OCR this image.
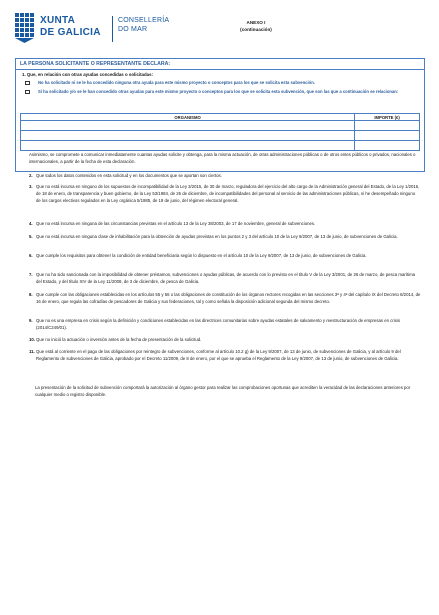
XUNTA
DE GALICIA
CONSELLERÍA
DO MAR
ANEXO I
(continuación)
LA PERSONA SOLICITANTE O REPRESENTANTE DECLARA:
1. Que, en relación con otras ayudas concedidas o solicitadas:
No ha solicitado ni se le ha concedido ninguna otra ayuda para este mismo proyecto o conceptos para los que se solicita esta subvención.
Sí ha solicitado y/o se le han concedido otras ayudas para este mismo proyecto o conceptos para los que se solicita esta subvención, que son las que a continuación se relacionan:
ORGANISMO	IMPORTE (€)

Asimismo, se compromete a comunicar inmediatamente cuantas ayudas solicite y obtenga, para la misma actuación, de otras administraciones públicas o de otros entes públicos o privados, nacionales o internacionales, a partir de la fecha de esta declaración.
2. Que todos los datos contenidos en esta solicitud y en los documentos que se aportan son ciertos.
3. Que no está incursa en ninguno de los supuestos de incompatibilidad de la Ley 3/2015, de 30 de marzo, reguladora del ejercicio del alto cargo de la Administración general del Estado, de la Ley 1/2016, de 18 de enero, de transparencia y buen gobierno, de la Ley 53/1984, de 26 de diciembre, de incompatibilidades del personal al servicio de las administraciones públicas, ni he desempeñado ninguno de los cargos electivos regulados en la Ley orgánica 5/1985, de 19 de junio, del régimen electoral general.
4. Que no está incursa en ninguna de las circunstancias previstas en el artículo 13 de la Ley 38/2003, de 17 de noviembre, general de subvenciones.
5. Que no está incursa en ninguna clase de inhabilitación para la obtención de ayudas previstas en los puntos 2 y 3 del artículo 10 de la Ley 9/2007, de 13 de junio, de subvenciones de Galicia.
6. Que cumple los requisitos para obtener la condición de entidad beneficiaria según lo dispuesto en el artículo 10 de la Ley 9/2007, de 13 de junio, de subvenciones de Galicia.
7. Que no ha sido sancionada con la imposibilidad de obtener préstamos, subvenciones o ayudas públicas, de acuerdo con lo previsto en el título V de la Ley 3/2001, de 26 de marzo, de pesca marítima del Estado, y del título XIV de la Ley 11/2008, de 3 de diciembre, de pesca de Galicia.
8. Que cumple con las obligaciones establecidas en los artículos 55 y 56 o las obligaciones de constitución de los órganos rectores recogidas en las secciones 3ª y 4ª del capítulo IX del Decreto 8/2014, de 16 de enero, que regula las cofradías de pescadores de Galicia y sus federaciones, tal y como señala la disposición adicional segunda del mismo decreto.
9. Que no es una empresa en crisis según la definición y condiciones establecidas en las directrices comunitarias sobre ayudas estatales de salvamento y reestructuración de empresas en crisis (2014/C249/01).
10. Que no inició la actuación o inversión antes de la fecha de presentación de la solicitud.
11. Que está al corriente en el pago de las obligaciones por reintegro de subvenciones, conforme al artículo 10.2 g) de la Ley 9/2007, de 13 de junio, de subvenciones de Galicia, y al artículo 9 del Reglamento de subvenciones de Galicia, aprobado por el Decreto 11/2009, de 8 de enero, por el que se aprueba el Reglamento de la Ley 9/2007, de 13 de junio, de subvenciones de Galicia.
La presentación de la solicitud de subvención comportará la autorización al órgano gestor para realizar las comprobaciones oportunas que acrediten la veracidad de las declaraciones anteriores por cualquier medio o registro disponible.
